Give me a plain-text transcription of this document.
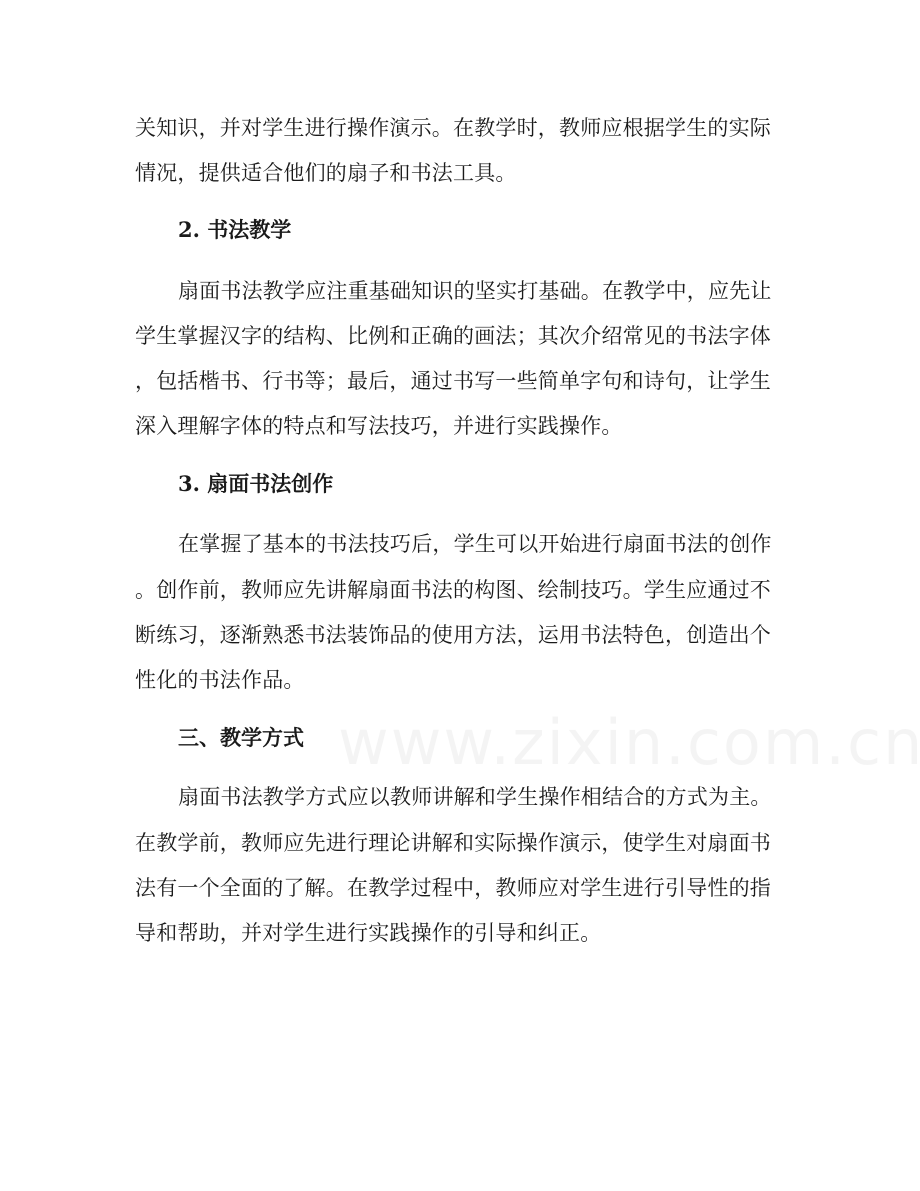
关知识，并对学生进行操作演示。在教学时，教师应根据学生的实际
情况，提供适合他们的扇子和书法工具。
2. 书法教学
扇面书法教学应注重基础知识的坚实打基础。在教学中，应先让
学生掌握汉字的结构、比例和正确的画法；其次介绍常见的书法字体
，包括楷书、行书等；最后，通过书写一些简单字句和诗句，让学生
深入理解字体的特点和写法技巧，并进行实践操作。
3. 扇面书法创作
在掌握了基本的书法技巧后，学生可以开始进行扇面书法的创作
。创作前，教师应先讲解扇面书法的构图、绘制技巧。学生应通过不
断练习，逐渐熟悉书法装饰品的使用方法，运用书法特色，创造出个
性化的书法作品。
三、教学方式
扇面书法教学方式应以教师讲解和学生操作相结合的方式为主。
在教学前，教师应先进行理论讲解和实际操作演示，使学生对扇面书
法有一个全面的了解。在教学过程中，教师应对学生进行引导性的指
导和帮助，并对学生进行实践操作的引导和纠正。
